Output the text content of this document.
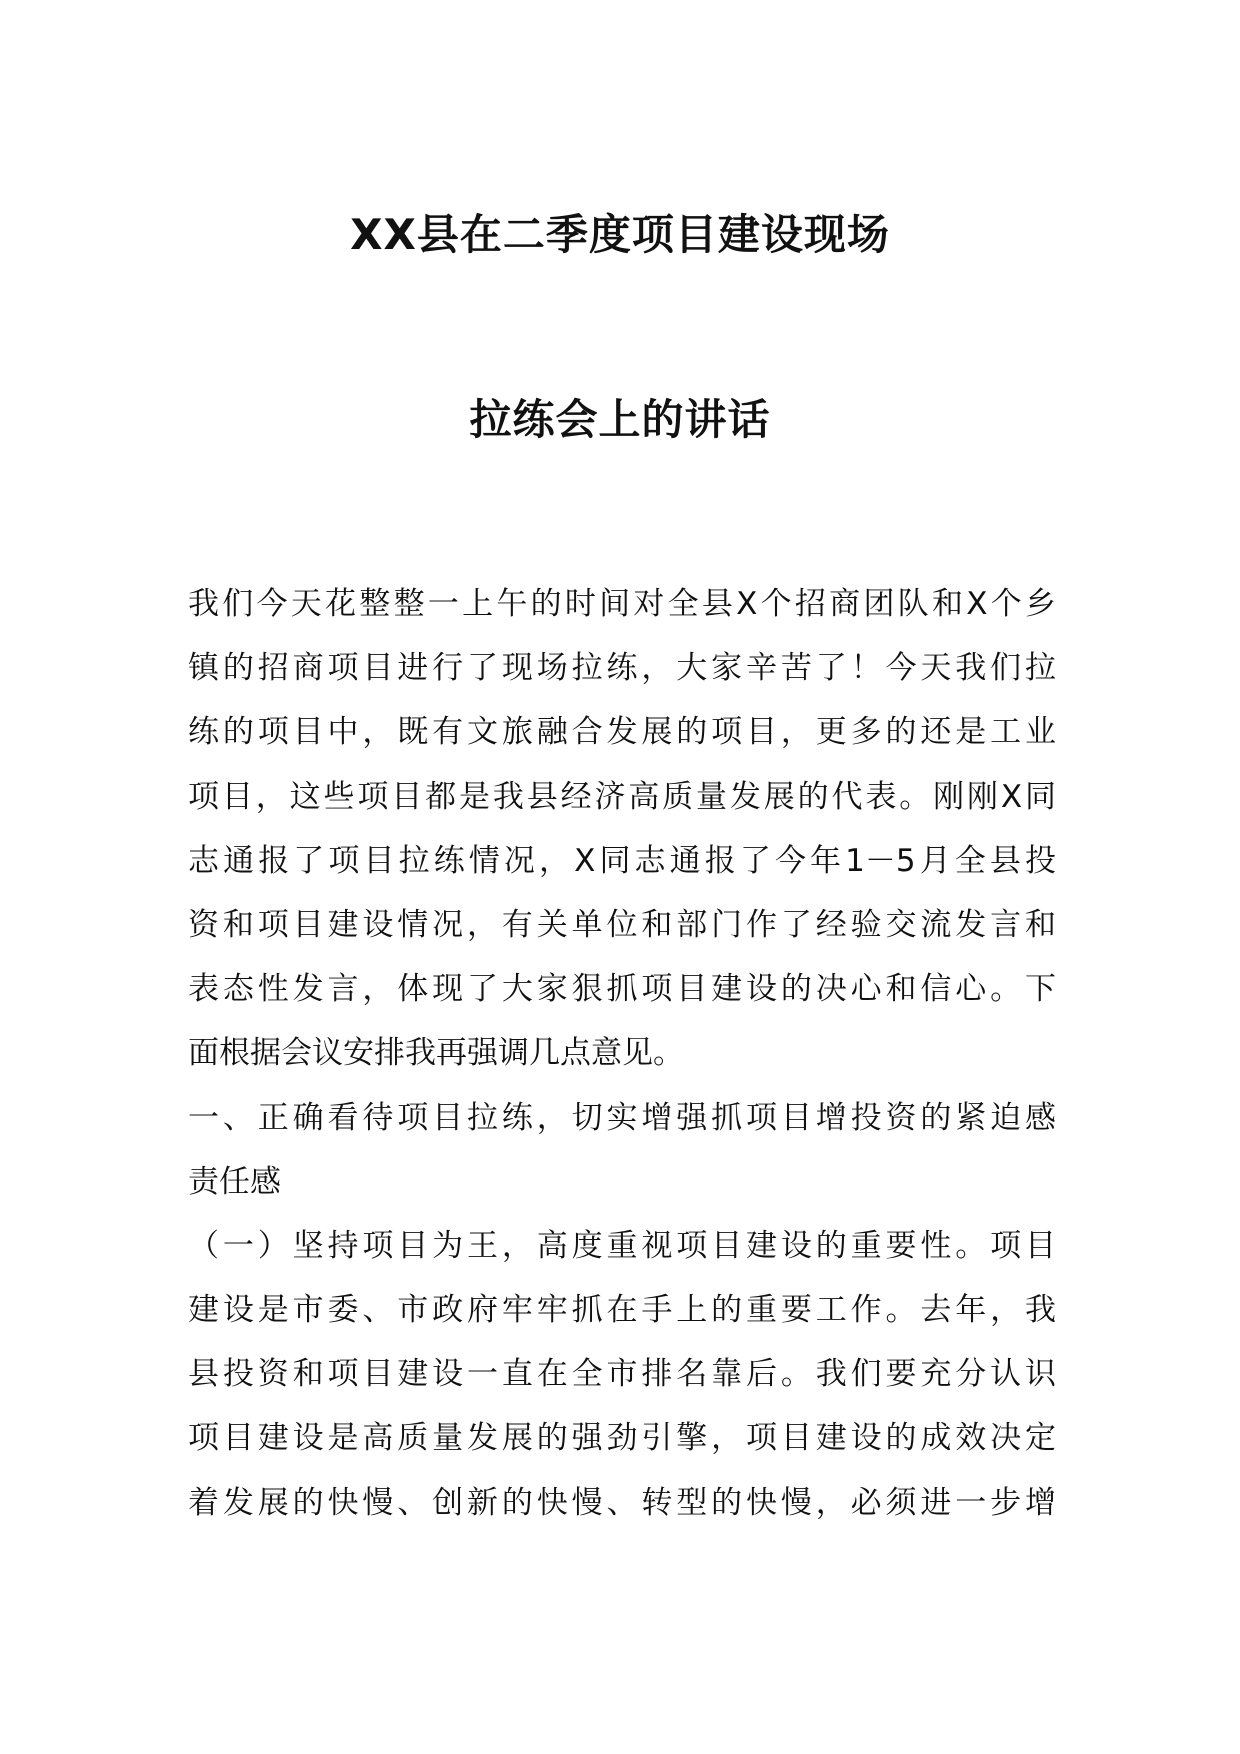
XX县在二季度项目建设现场
拉练会上的讲话
我们今天花整整一上午的时间对全县X个招商团队和X个乡
镇的招商项目进行了现场拉练，大家辛苦了！今天我们拉
练的项目中，既有文旅融合发展的项目，更多的还是工业
项目，这些项目都是我县经济高质量发展的代表。刚刚X同
志通报了项目拉练情况，X同志通报了今年1－5月全县投
资和项目建设情况，有关单位和部门作了经验交流发言和
表态性发言，体现了大家狠抓项目建设的决心和信心。下
面根据会议安排我再强调几点意见。
一、正确看待项目拉练，切实增强抓项目增投资的紧迫感
责任感
（一）坚持项目为王，高度重视项目建设的重要性。项目
建设是市委、市政府牢牢抓在手上的重要工作。去年，我
县投资和项目建设一直在全市排名靠后。我们要充分认识
项目建设是高质量发展的强劲引擎，项目建设的成效决定
着发展的快慢、创新的快慢、转型的快慢，必须进一步增
